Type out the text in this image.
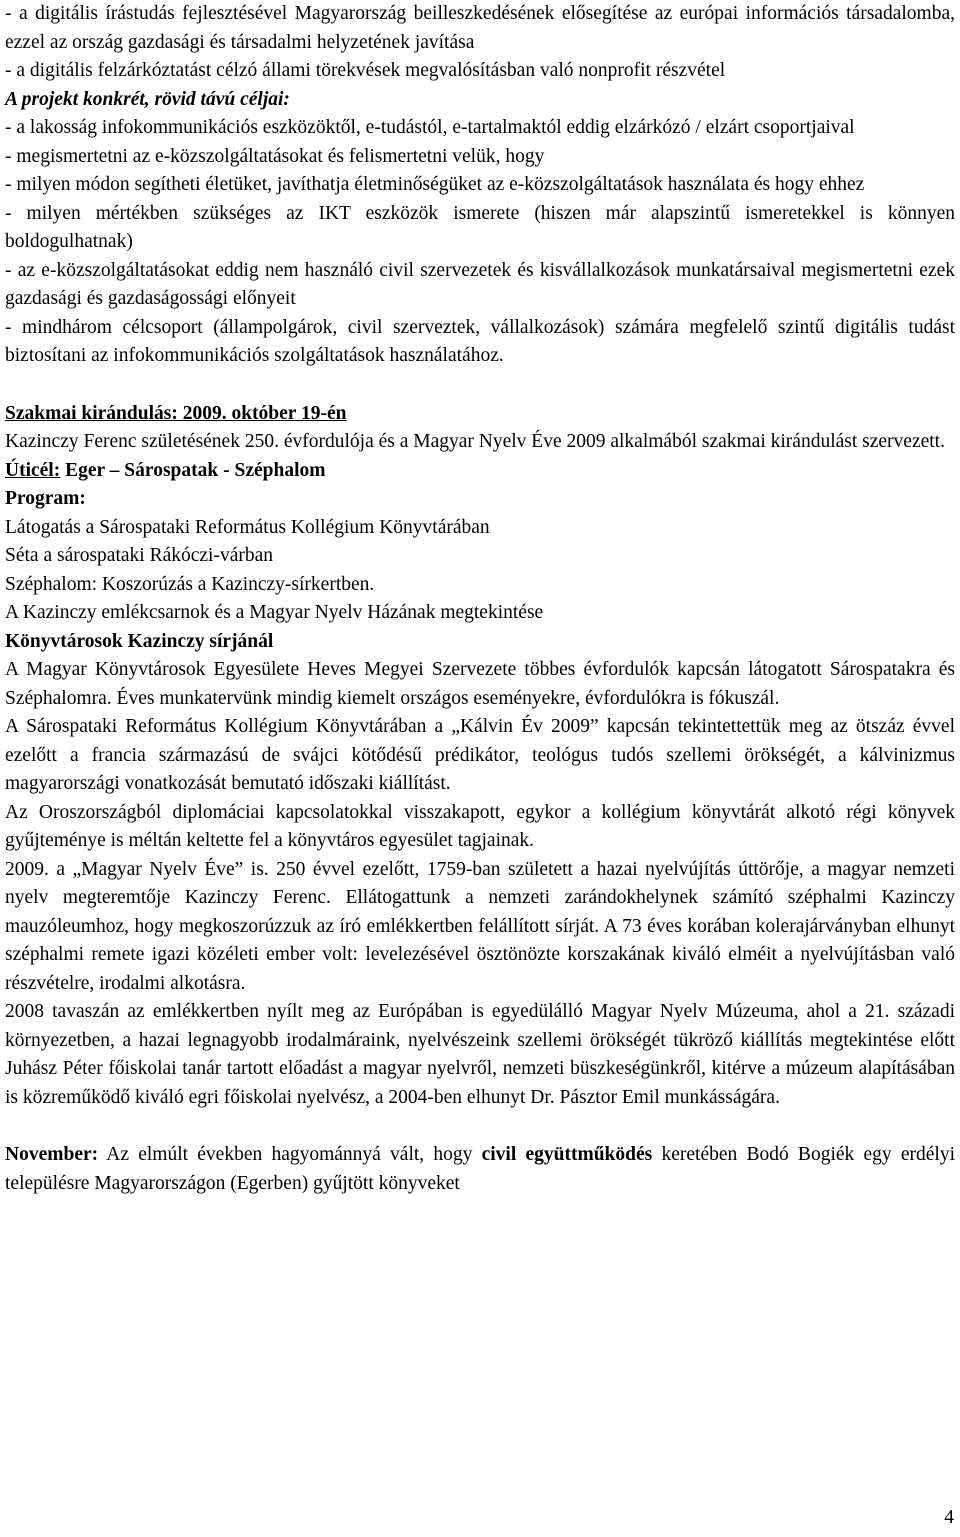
- a digitális írástudás fejlesztésével Magyarország beilleszkedésének elősegítése az európai információs társadalomba, ezzel az ország gazdasági és társadalmi helyzetének javítása

- a digitális felzárkóztatást célzó állami törekvések megvalósításban való nonprofit részvétel

A projekt konkrét, rövid távú céljai:

- a lakosság infokommunikációs eszközöktől, e-tudástól, e-tartalmaktól eddig elzárkózó / elzárt csoportjaival

- megismertetni az e-közszolgáltatásokat és felismertetni velük, hogy

- milyen módon segítheti életüket, javíthatja életminőségüket az e-közszolgáltatások használata és hogy ehhez

- milyen mértékben szükséges az IKT eszközök ismerete (hiszen már alapszintű ismeretekkel is könnyen boldogulhatnak)

- az e-közszolgáltatásokat eddig nem használó civil szervezetek és kisvállalkozások munkatársaival megismertetni ezek gazdasági és gazdaságossági előnyeit

- mindhárom célcsoport (állampolgárok, civil szerveztek, vállalkozások) számára megfelelő szintű digitális tudást biztosítani az infokommunikációs szolgáltatások használatához.

Szakmai kirándulás: 2009. október 19-én

Kazinczy Ferenc születésének 250. évfordulója és a Magyar Nyelv Éve 2009 alkalmából szakmai kirándulást szervezett.

Úticél: Eger – Sárospatak - Széphalom

Program:

Látogatás a Sárospataki Református Kollégium Könyvtárában

Séta a sárospataki Rákóczi-várban

Széphalom: Koszorúzás a Kazinczy-sírkertben.

A Kazinczy emlékcsarnok és a Magyar Nyelv Házának megtekintése

Könyvtárosok Kazinczy sírjánál

A Magyar Könyvtárosok Egyesülete Heves Megyei Szervezete többes évfordulók kapcsán látogatott Sárospatakra és Széphalomra. Éves munkatervünk mindig kiemelt országos eseményekre, évfordulókra is fókuszál.

A Sárospataki Református Kollégium Könyvtárában a „Kálvin Év 2009” kapcsán tekintettettük meg az ötszáz évvel ezelőtt a francia származású de svájci kötődésű prédikátor, teológus tudós szellemi örökségét, a kálvinizmus magyarországi vonatkozását bemutató időszaki kiállítást.

Az Oroszországból diplomáciai kapcsolatokkal visszakapott, egykor a kollégium könyvtárát alkotó régi könyvek gyűjteménye is méltán keltette fel a könyvtáros egyesület tagjainak.

2009. a „Magyar Nyelv Éve” is. 250 évvel ezelőtt, 1759-ban született a hazai nyelvújítás úttörője, a magyar nemzeti nyelv megteremtője Kazinczy Ferenc. Ellátogattunk a nemzeti zarándokhelynek számító széphalmi Kazinczy mauzóleumhoz, hogy megkoszorúzzuk az író emlékkertben felállított sírját. A 73 éves korában kolerajárványban elhunyt széphalmi remete igazi közéleti ember volt: levelezésével ösztönözte korszakának kiváló elméit a nyelvújításban való részvételre, irodalmi alkotásra.

2008 tavaszán az emlékkertben nyílt meg az Európában is egyedülálló Magyar Nyelv Múzeuma, ahol a 21. századi környezetben, a hazai legnagyobb irodalmáraink, nyelvészeink szellemi örökségét tükröző kiállítás megtekintése előtt Juhász Péter főiskolai tanár tartott előadást a magyar nyelvről, nemzeti büszkeségünkről, kitérve a múzeum alapításában is közreműködő kiváló egri főiskolai nyelvész, a 2004-ben elhunyt Dr. Pásztor Emil munkásságára.

November: Az elmúlt években hagyománnyá vált, hogy civil együttműködés keretében Bodó Bogiék egy erdélyi településre Magyarországon (Egerben) gyűjtött könyveket

4
